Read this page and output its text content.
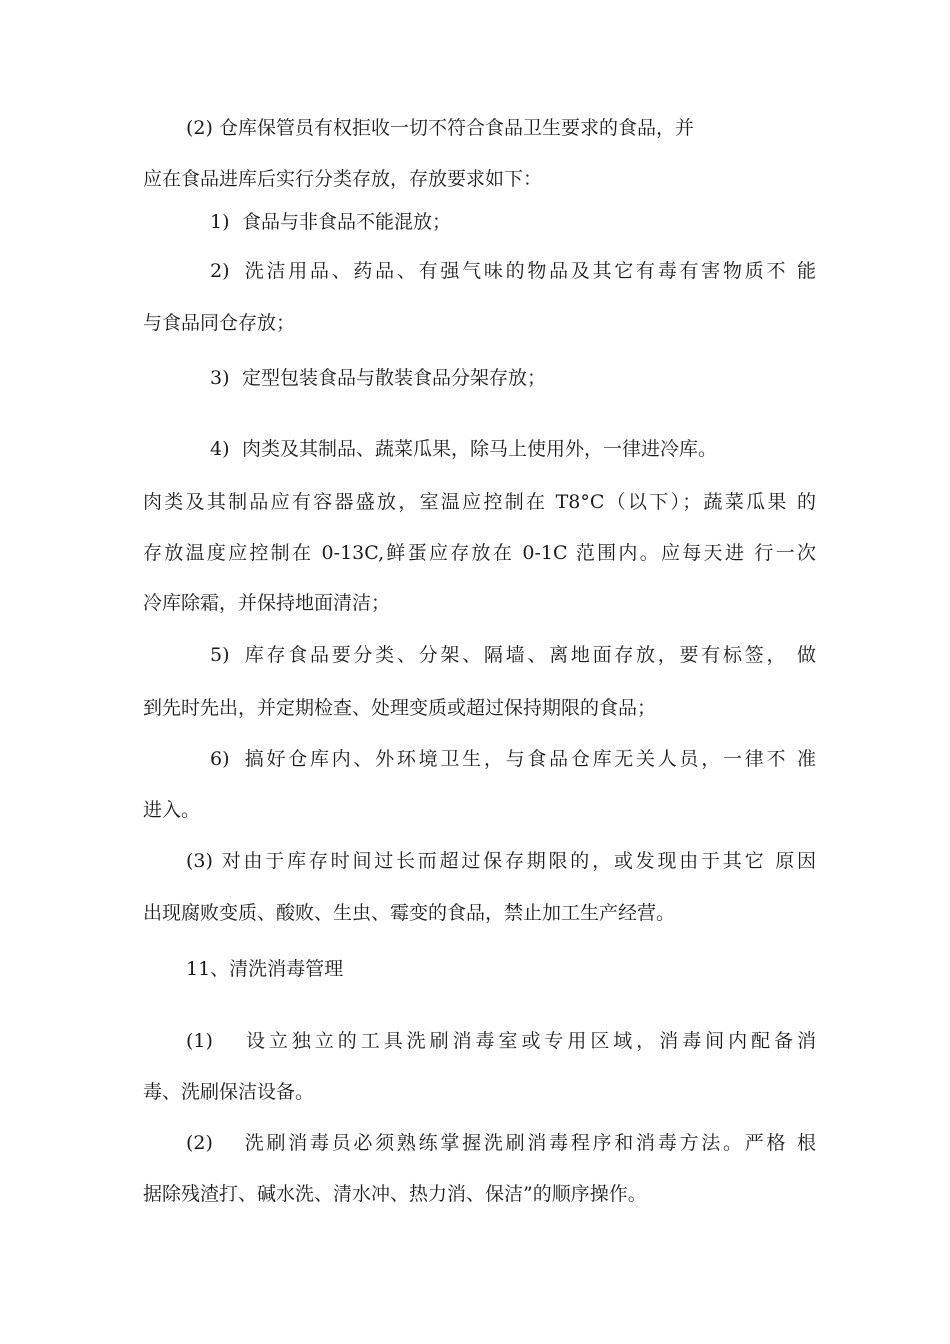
(2) 仓库保管员有权拒收一切不符合食品卫生要求的食品，并
应在食品进库后实行分类存放，存放要求如下：
1) 食品与非食品不能混放；
2) 洗洁用品、药品、有强气味的物品及其它有毒有害物质不 能
与食品同仓存放；
3) 定型包装食品与散装食品分架存放；
4) 肉类及其制品、蔬菜瓜果，除马上使用外，一律进冷库。
肉类及其制品应有容器盛放，室温应控制在 T8°C（以下）；蔬菜瓜果 的
存放温度应控制在 0-13C,鲜蛋应存放在 0-1C 范围内。应每天进 行一次
冷库除霜，并保持地面清洁；
5) 库存食品要分类、分架、隔墙、离地面存放，要有标签， 做
到先时先出，并定期检查、处理变质或超过保持期限的食品；
6) 搞好仓库内、外环境卫生，与食品仓库无关人员，一律不 准
进入。
(3) 对由于库存时间过长而超过保存期限的，或发现由于其它 原因
出现腐败变质、酸败、生虫、霉变的食品，禁止加工生产经营。
11、清洗消毒管理
(1) 设立独立的工具洗刷消毒室或专用区域，消毒间内配备消
毒、洗刷保洁设备。
(2) 洗刷消毒员必须熟练掌握洗刷消毒程序和消毒方法。严格 根
据除残渣打、碱水洗、清水冲、热力消、保洁”的顺序操作。
